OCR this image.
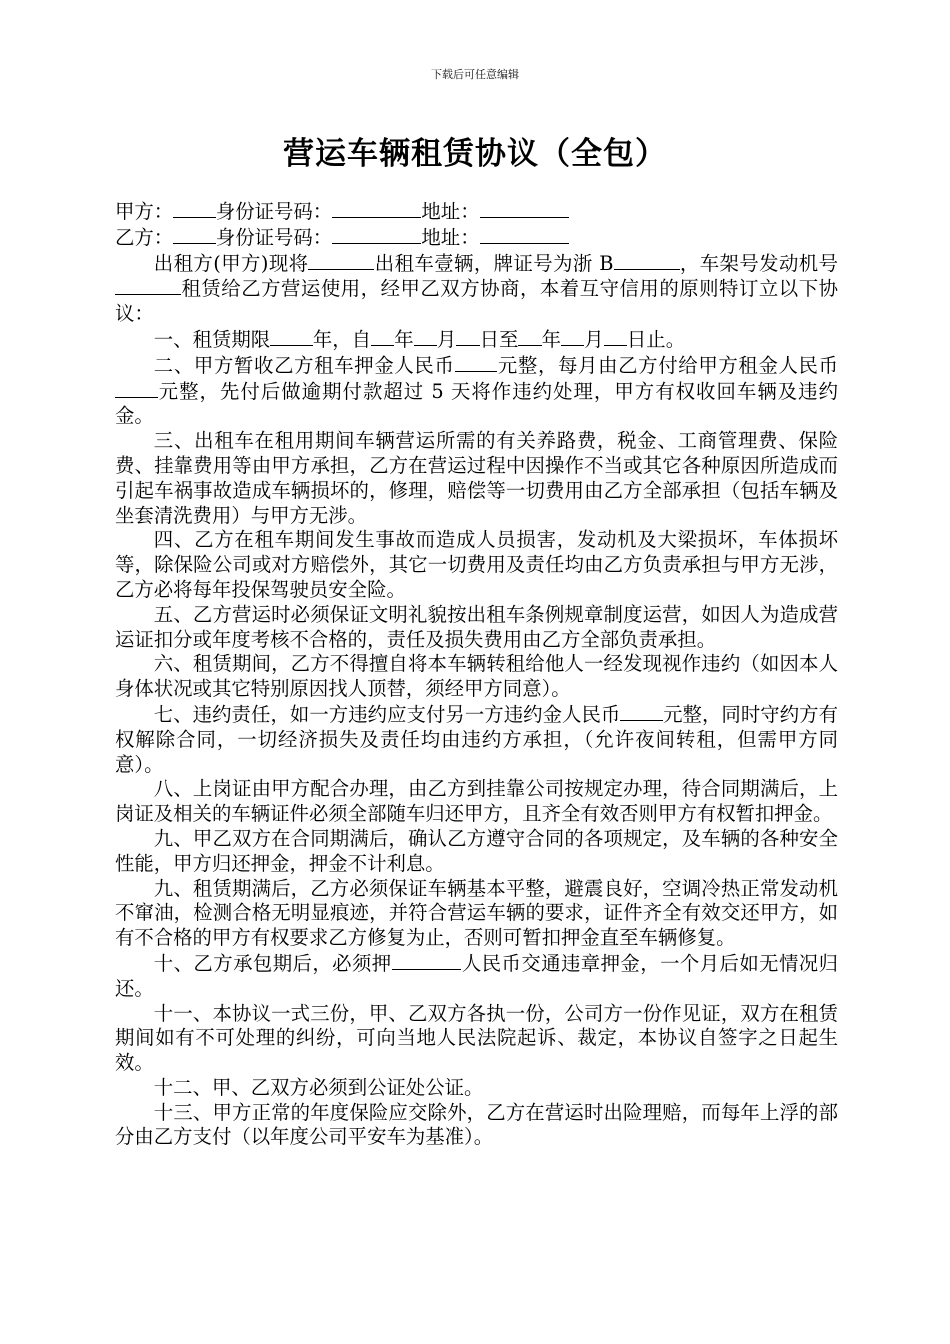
下载后可任意编辑
营运车辆租赁协议（全包）

甲方： 身份证号码：	地址：

乙方： 身份证号码：	地址：

出租方(甲方)现将	出租车壹辆，牌证号为浙 B	，车架号发动机号租赁给乙方营运使用，经甲乙双方协商，本着互守信用的原则特订立以下协议：

一、租赁期限 年，自 年 月 日至 年 月 日止。

二、甲方暂收乙方租车押金人民币 元整，每月由乙方付给甲方租金人民币元整，先付后做逾期付款超过 5 天将作违约处理，甲方有权收回车辆及违约金。

三、出租车在租用期间车辆营运所需的有关养路费，税金、工商管理费、保险费、挂靠费用等由甲方承担，乙方在营运过程中因操作不当或其它各种原因所造成而引起车祸事故造成车辆损坏的，修理，赔偿等一切费用由乙方全部承担（包括车辆及坐套清洗费用）与甲方无涉。

四、乙方在租车期间发生事故而造成人员损害，发动机及大梁损坏，车体损坏等，除保险公司或对方赔偿外，其它一切费用及责任均由乙方负责承担与甲方无涉，乙方必将每年投保驾驶员安全险。

五、乙方营运时必须保证文明礼貌按出租车条例规章制度运营，如因人为造成营运证扣分或年度考核不合格的，责任及损失费用由乙方全部负责承担。

六、租赁期间，乙方不得擅自将本车辆转租给他人一经发现视作违约（如因本人身体状况或其它特别原因找人顶替，须经甲方同意）。

七、违约责任，如一方违约应支付另一方违约金人民币 元整，同时守约方有权解除合同，一切经济损失及责任均由违约方承担，（允许夜间转租，但需甲方同意）。

八、上岗证由甲方配合办理，由乙方到挂靠公司按规定办理，待合同期满后，上岗证及相关的车辆证件必须全部随车归还甲方，且齐全有效否则甲方有权暂扣押金。

九、甲乙双方在合同期满后，确认乙方遵守合同的各项规定，及车辆的各种安全性能，甲方归还押金，押金不计利息。

九、租赁期满后，乙方必须保证车辆基本平整，避震良好，空调冷热正常发动机不窜油，检测合格无明显痕迹，并符合营运车辆的要求，证件齐全有效交还甲方，如有不合格的甲方有权要求乙方修复为止，否则可暂扣押金直至车辆修复。

十、乙方承包期后，必须押	人民币交通违章押金，一个月后如无情况归还。

十一、本协议一式三份，甲、乙双方各执一份，公司方一份作见证，双方在租赁期间如有不可处理的纠纷，可向当地人民法院起诉、裁定，本协议自签字之日起生效。

十二、甲、乙双方必须到公证处公证。

十三、甲方正常的年度保险应交除外，乙方在营运时出险理赔，而每年上浮的部分由乙方支付（以年度公司平安车为基准）。
